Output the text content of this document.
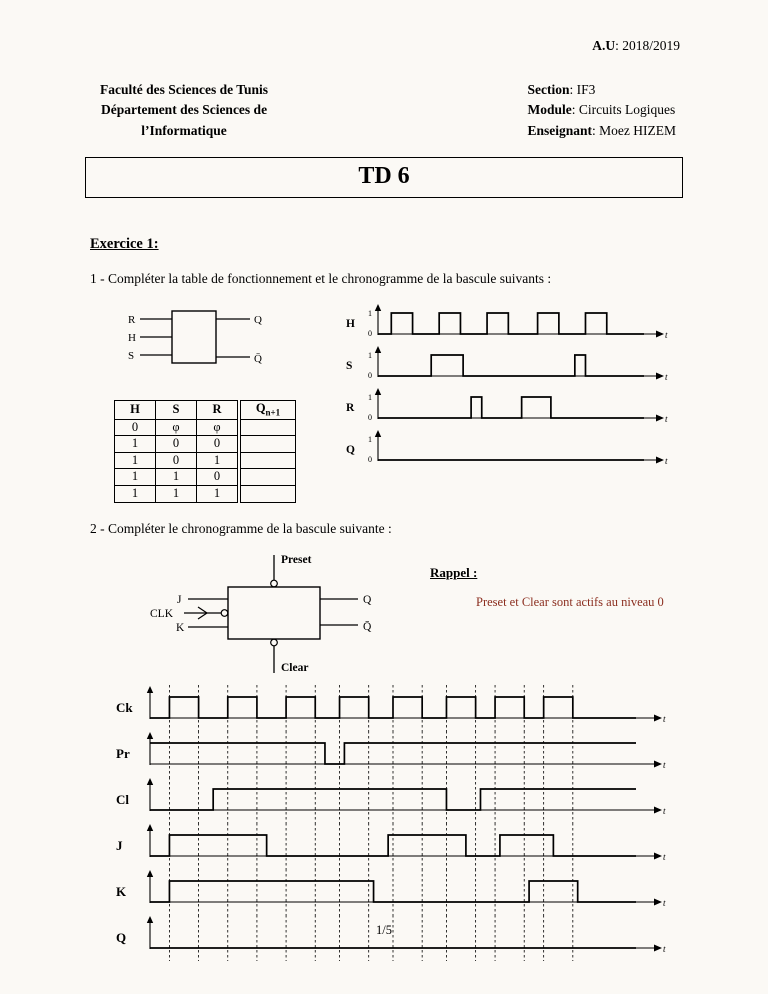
A.U: 2018/2019
Faculté des Sciences de Tunis
Département des Sciences de
l’Informatique
Section: IF3
Module: Circuits Logiques
Enseignant: Moez HIZEM
TD 6
Exercice 1:
1 - Compléter la table de fonctionnement et le chronogramme de la bascule suivants :
R
H
S
Q
Q̄
H	S	R	$Q_{n+1}$
0	φ	φ	
1	0	0	
1	0	1	
1	1	0	
1	1	1	
H
t
1
0
S
t
1
0
R
t
1
0
Q
t
1
0
2 - Compléter le chronogramme de la bascule suivante :
Preset
Clear
J
CLK
K
Q
Q̄
Rappel :
Preset et Clear sont actifs au niveau 0
Ck
t
Pr
t
Cl
t
J
t
K
t
Q
t
1/5
